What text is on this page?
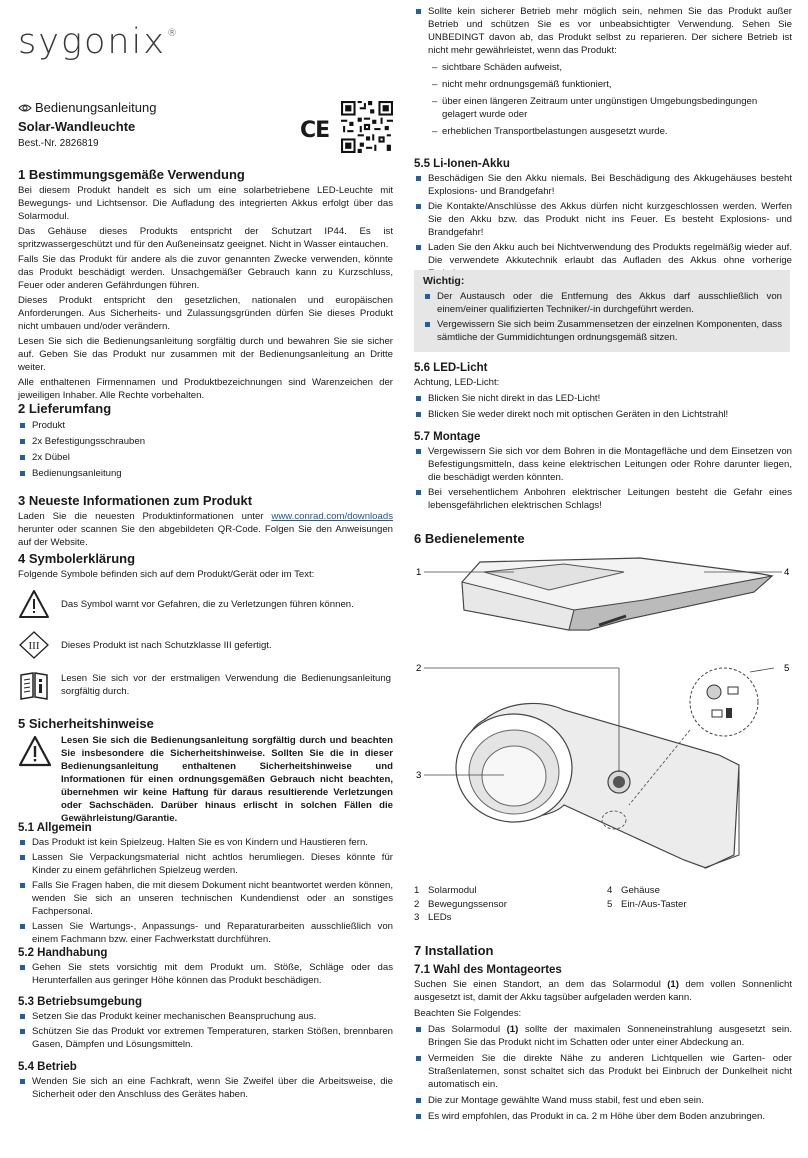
sygonix®
Bedienungsanleitung
Solar-Wandleuchte
Best.-Nr. 2826819
CE

1 Bestimmungsgemäße Verwendung

Bei diesem Produkt handelt es sich um eine solarbetriebene LED-Leuchte mit Bewegungs- und Lichtsensor. Die Aufladung des integrierten Akkus erfolgt über das Solarmodul.

Das Gehäuse dieses Produkts entspricht der Schutzart IP44. Es ist spritzwassergeschützt und für den Außeneinsatz geeignet. Nicht in Wasser eintauchen.

Falls Sie das Produkt für andere als die zuvor genannten Zwecke verwenden, könnte das Produkt beschädigt werden. Unsachgemäßer Gebrauch kann zu Kurzschluss, Feuer oder anderen Gefährdungen führen.

Dieses Produkt entspricht den gesetzlichen, nationalen und europäischen Anforderungen. Aus Sicherheits- und Zulassungsgründen dürfen Sie dieses Produkt nicht umbauen und/oder verändern.

Lesen Sie sich die Bedienungsanleitung sorgfältig durch und bewahren Sie sie sicher auf. Geben Sie das Produkt nur zusammen mit der Bedienungsanleitung an Dritte weiter.

Alle enthaltenen Firmennamen und Produktbezeichnungen sind Warenzeichen der jeweiligen Inhaber. Alle Rechte vorbehalten.

2 Lieferumfang

Produkt

2x Befestigungsschrauben

2x Dübel

Bedienungsanleitung

3 Neueste Informationen zum Produkt

Laden Sie die neuesten Produktinformationen unter www.conrad.com/downloads herunter oder scannen Sie den abgebildeten QR-Code. Folgen Sie den Anweisungen auf der Website.

4 Symbolerklärung

Folgende Symbole befinden sich auf dem Produkt/Gerät oder im Text:

Das Symbol warnt vor Gefahren, die zu Verletzungen führen können.
III Dieses Produkt ist nach Schutzklasse III gefertigt.
Lesen Sie sich vor der erstmaligen Verwendung die Bedienungsanleitung sorgfältig durch.

5 Sicherheitshinweise

Lesen Sie sich die Bedienungsanleitung sorgfältig durch und beachten Sie insbesondere die Sicherheitshinweise. Sollten Sie die in dieser Bedienungsanleitung enthaltenen Sicherheitshinweise und Informationen für einen ordnungsgemäßen Gebrauch nicht beachten, übernehmen wir keine Haftung für daraus resultierende Verletzungen oder Sachschäden. Darüber hinaus erlischt in solchen Fällen die Gewährleistung/Garantie.

5.1 Allgemein

Das Produkt ist kein Spielzeug. Halten Sie es von Kindern und Haustieren fern.

Lassen Sie Verpackungsmaterial nicht achtlos herumliegen. Dieses könnte für Kinder zu einem gefährlichen Spielzeug werden.

Falls Sie Fragen haben, die mit diesem Dokument nicht beantwortet werden können, wenden Sie sich an unseren technischen Kundendienst oder an sonstiges Fachpersonal.

Lassen Sie Wartungs-, Anpassungs- und Reparaturarbeiten ausschließlich von einem Fachmann bzw. einer Fachwerkstatt durchführen.

5.2 Handhabung

Gehen Sie stets vorsichtig mit dem Produkt um. Stöße, Schläge oder das Herunterfallen aus geringer Höhe können das Produkt beschädigen.

5.3 Betriebsumgebung

Setzen Sie das Produkt keiner mechanischen Beanspruchung aus.

Schützen Sie das Produkt vor extremen Temperaturen, starken Stößen, brennbaren Gasen, Dämpfen und Lösungsmitteln.

5.4 Betrieb

Wenden Sie sich an eine Fachkraft, wenn Sie Zweifel über die Arbeitsweise, die Sicherheit oder den Anschluss des Gerätes haben.

Sollte kein sicherer Betrieb mehr möglich sein, nehmen Sie das Produkt außer Betrieb und schützen Sie es vor unbeabsichtigter Verwendung. Sehen Sie UNBEDINGT davon ab, das Produkt selbst zu reparieren. Der sichere Betrieb ist nicht mehr gewährleistet, wenn das Produkt:

– sichtbare Schäden aufweist,

– nicht mehr ordnungsgemäß funktioniert,

– über einen längeren Zeitraum unter ungünstigen Umgebungsbedingungen gelagert wurde oder

– erheblichen Transportbelastungen ausgesetzt wurde.

5.5 Li-Ionen-Akku

Beschädigen Sie den Akku niemals. Bei Beschädigung des Akkugehäuses besteht Explosions- und Brandgefahr!

Die Kontakte/Anschlüsse des Akkus dürfen nicht kurzgeschlossen werden. Werfen Sie den Akku bzw. das Produkt nicht ins Feuer. Es besteht Explosions- und Brandgefahr!

Laden Sie den Akku auch bei Nichtverwendung des Produkts regelmäßig wieder auf. Die verwendete Akkutechnik erlaubt das Aufladen des Akkus ohne vorherige

Wichtig:

Der Austausch oder die Entfernung des Akkus darf ausschließlich von einem/einer qualifizierten Techniker/-in durchgeführt werden.

Vergewissern Sie sich beim Zusammensetzen der einzelnen Komponenten, dass sämtliche der Gummidichtungen ordnungsgemäß sitzen.

5.6 LED-Licht

Achtung, LED-Licht:

Blicken Sie nicht direkt in das LED-Licht!

Blicken Sie weder direkt noch mit optischen Geräten in den Lichtstrahl!

5.7 Montage

Vergewissern Sie sich vor dem Bohren in die Montagefläche und dem Einsetzen von Befestigungsmitteln, dass keine elektrischen Leitungen oder Rohre darunter liegen, die beschädigt werden könnten.

Bei versehentlichem Anbohren elektrischer Leitungen besteht die Gefahr eines lebensgefährlichen elektrischen Schlags!

6 Bedienelemente

1	4
2
3
5
1 Solarmodul
2 Bewegungssensor
3 LEDs
4 Gehäuse
5 Ein-/Aus-Taster

7 Installation

7.1 Wahl des Montageortes

Suchen Sie einen Standort, an dem das Solarmodul (1) dem vollen Sonnenlicht ausgesetzt ist, damit der Akku tagsüber aufgeladen werden kann.

Beachten Sie Folgendes:

Das Solarmodul (1) sollte der maximalen Sonneneinstrahlung ausgesetzt sein. Bringen Sie das Produkt nicht im Schatten oder unter einer Abdeckung an.

Vermeiden Sie die direkte Nähe zu anderen Lichtquellen wie Garten- oder Straßenlaternen, sonst schaltet sich das Produkt bei Einbruch der Dunkelheit nicht automatisch ein.

Die zur Montage gewählte Wand muss stabil, fest und eben sein.

Es wird empfohlen, das Produkt in ca. 2 m Höhe über dem Boden anzubringen.
